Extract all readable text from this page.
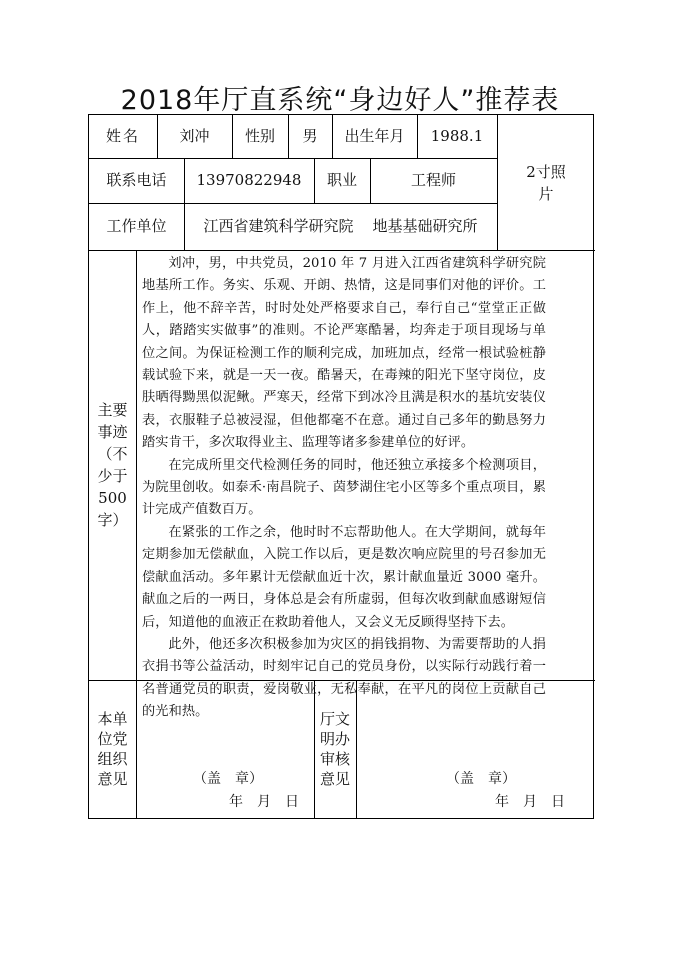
2018年厅直系统“身边好人”推荐表
姓名	刘冲	性别	男	出生年月	1988.1
2寸照片
联系电话	13970822948	职业	工程师
工作单位	江西省建筑科学研究院    地基基础研究所
主要事迹（不少于500字）

刘冲，男，中共党员，2010 年 7 月进入江西省建筑科学研究院地基所工作。务实、乐观、开朗、热情，这是同事们对他的评价。工作上，他不辞辛苦，时时处处严格要求自己，奉行自己“堂堂正正做人，踏踏实实做事”的准则。不论严寒酷暑，均奔走于项目现场与单位之间。为保证检测工作的顺利完成，加班加点，经常一根试验桩静载试验下来，就是一天一夜。酷暑天，在毒辣的阳光下坚守岗位，皮肤晒得黝黑似泥鳅。严寒天，经常下到冰冷且满是积水的基坑安装仪表，衣服鞋子总被浸湿，但他都毫不在意。通过自己多年的勤恳努力踏实肯干，多次取得业主、监理等诸多参建单位的好评。

在完成所里交代检测任务的同时，他还独立承接多个检测项目，为院里创收。如泰禾·南昌院子、茵梦湖住宅小区等多个重点项目，累计完成产值数百万。

在紧张的工作之余，他时时不忘帮助他人。在大学期间，就每年定期参加无偿献血，入院工作以后，更是数次响应院里的号召参加无偿献血活动。多年累计无偿献血近十次，累计献血量近 3000 毫升。献血之后的一两日，身体总是会有所虚弱，但每次收到献血感谢短信后，知道他的血液正在救助着他人，又会义无反顾得坚持下去。

此外，他还多次积极参加为灾区的捐钱捐物、为需要帮助的人捐衣捐书等公益活动，时刻牢记自己的党员身份，以实际行动践行着一名普通党员的职责，爱岗敬业，无私奉献，在平凡的岗位上贡献自己的光和热。

本单位党组织意见	（盖　章）
年　月　日
厅文明办审核意见	（盖　章）
年　月　日
